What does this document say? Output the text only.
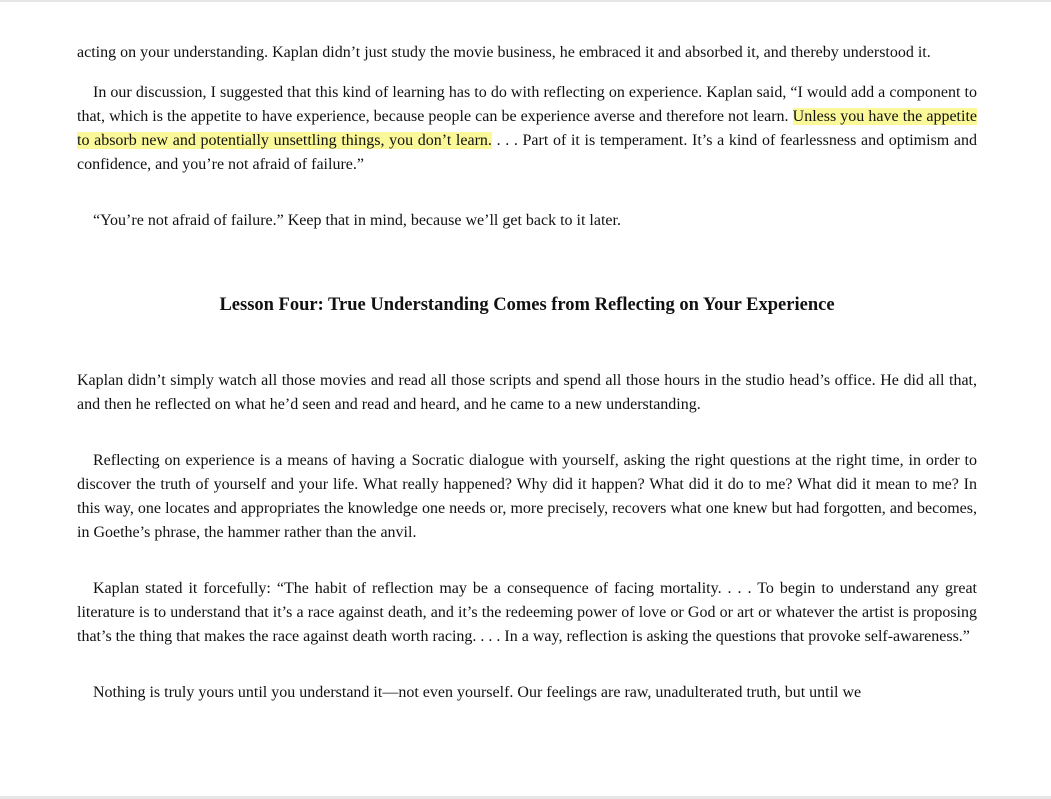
acting on your understanding. Kaplan didn’t just study the movie business, he embraced it and absorbed it, and thereby understood it.

In our discussion, I suggested that this kind of learning has to do with reflecting on experience. Kaplan said, “I would add a component to that, which is the appetite to have experience, because people can be experience averse and therefore not learn. Unless you have the appetite to absorb new and potentially unsettling things, you don’t learn. . . . Part of it is temperament. It’s a kind of fearlessness and optimism and confidence, and you’re not afraid of failure.”

“You’re not afraid of failure.” Keep that in mind, because we’ll get back to it later.

Lesson Four: True Understanding Comes from Reflecting on Your Experience

Kaplan didn’t simply watch all those movies and read all those scripts and spend all those hours in the studio head’s office. He did all that, and then he reflected on what he’d seen and read and heard, and he came to a new understanding.

Reflecting on experience is a means of having a Socratic dialogue with yourself, asking the right questions at the right time, in order to discover the truth of yourself and your life. What really happened? Why did it happen? What did it do to me? What did it mean to me? In this way, one locates and appropriates the knowledge one needs or, more precisely, recovers what one knew but had forgotten, and becomes, in Goethe’s phrase, the hammer rather than the anvil.

Kaplan stated it forcefully: “The habit of reflection may be a consequence of facing mortality. . . . To begin to understand any great literature is to understand that it’s a race against death, and it’s the redeeming power of love or God or art or whatever the artist is proposing that’s the thing that makes the race against death worth racing. . . . In a way, reflection is asking the questions that provoke self-awareness.”

Nothing is truly yours until you understand it—not even yourself. Our feelings are raw, unadulterated truth, but until we
